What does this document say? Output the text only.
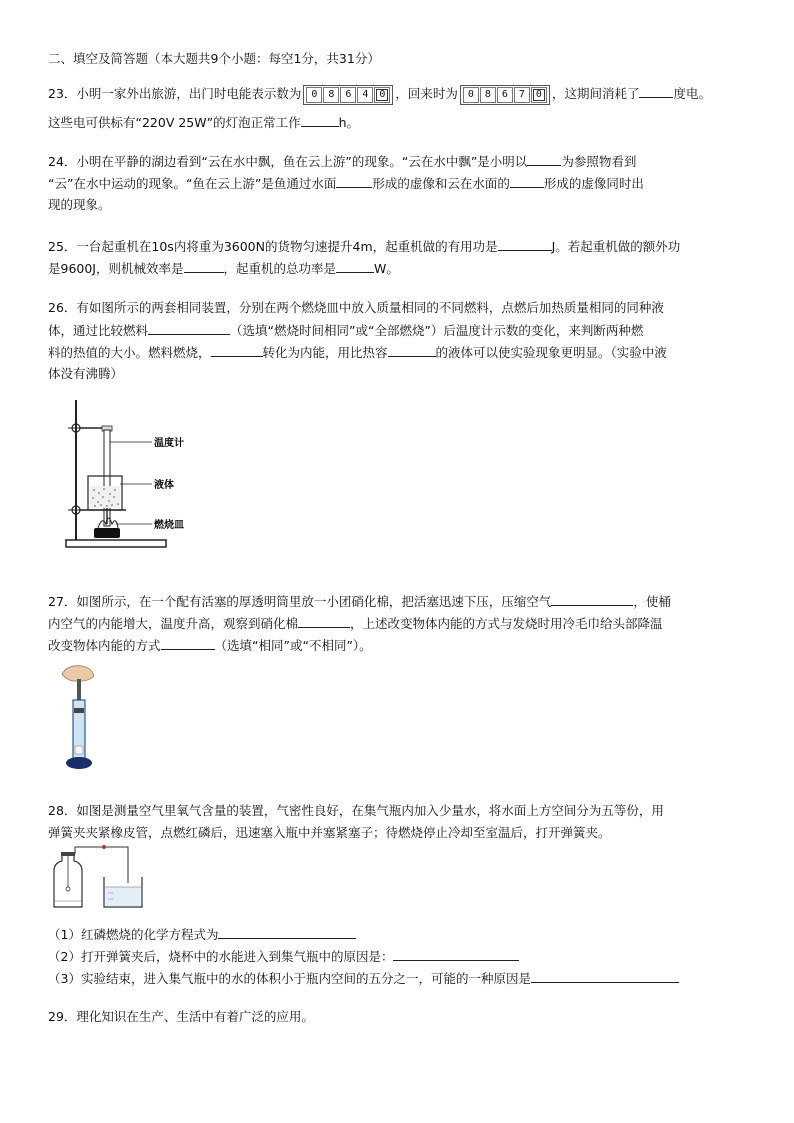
二、填空及简答题（本大题共9个小题：每空1分，共31分）
23．小明一家外出旅游，出门时电能表示数为 0	8	6	4	0 ，回来时为 0	8	6	7	0 ，这期间消耗了	度电。
这些电可供标有“220V 25W”的灯泡正常工作	h。
24．小明在平静的湖边看到“云在水中飘，鱼在云上游”的现象。“云在水中飘”是小明以	为参照物看到
“云”在水中运动的现象。“鱼在云上游”是鱼通过水面	形成的虚像和云在水面的	形成的虚像同时出
现的现象。
25．一台起重机在10s内将重为3600N的货物匀速提升4m，起重机做的有用功是	J。若起重机做的额外功
是9600J，则机械效率是	，起重机的总功率是	W。
26．有如图所示的两套相同装置，分别在两个燃烧皿中放入质量相同的不同燃料，点燃后加热质量相同的同种液
体，通过比较燃料	（选填“燃烧时间相同”或“全部燃烧”）后温度计示数的变化，来判断两种燃
料的热值的大小。燃料燃烧，	转化为内能，用比热容	的液体可以使实验现象更明显。（实验中液
体没有沸腾）
温度计
液体
燃烧皿
27．如图所示，在一个配有活塞的厚透明筒里放一小团硝化棉，把活塞迅速下压，压缩空气	，使桶
内空气的内能增大，温度升高，观察到硝化棉	，上述改变物体内能的方式与发烧时用冷毛巾给头部降温
改变物体内能的方式	（选填“相同”或“不相同”）。
28．如图是测量空气里氧气含量的装置，气密性良好，在集气瓶内加入少量水，将水面上方空间分为五等份，用
弹簧夹夹紧橡皮管，点燃红磷后，迅速塞入瓶中并塞紧塞子；待燃烧停止冷却至室温后，打开弹簧夹。
（1）红磷燃烧的化学方程式为
（2）打开弹簧夹后，烧杯中的水能进入到集气瓶中的原因是：
（3）实验结束，进入集气瓶中的水的体积小于瓶内空间的五分之一，可能的一种原因是
29．理化知识在生产、生活中有着广泛的应用。
